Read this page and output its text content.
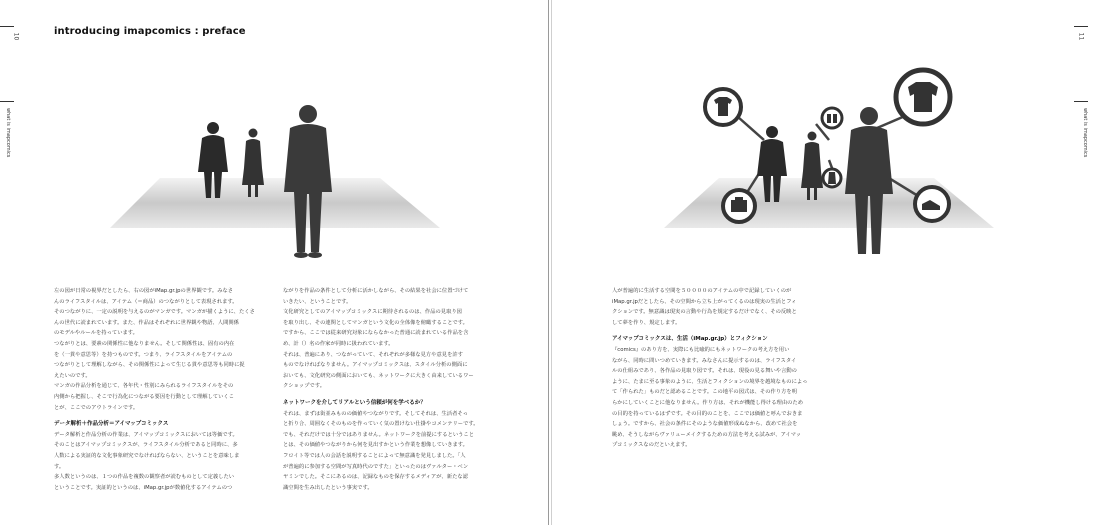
10
what is imapcomics
introducing imapcomics : preface

左の図が日常の視界だとしたら、右の図がiMap.gr.jpの世界観です。みなさ
んのライフスタイルは、アイテム（＝商品）のつながりとして表現されます。
そのつながりに、一定の説明を与えるのがマンガです。マンガが描くように、たくさ
んの世代に読まれています。また、作品はそれぞれに世界観や物語、人間関係
のモデルやルールを持っています。
つながりとは、要素の関係性に他なりません。そして関係性は、固有の内在
を（一貫や意思等）を持つものです。つまり、ライフスタイルをアイテムの
つながりとして理解しながら、その関係性によって生じる貫や意思等も同時に捉
えたいのです。
マンガの作品分析を通じて、各年代・性別にみられるライフスタイルをその
内側から把握し、そこで行為化につながる要因を行動として理解していくこ
とが、ここでのアウトラインです。

データ解析＋作品分析＝アイマップコミックス

データ解析と作品分析の作業は、アイマップコミックスにおいては等価です。
そのことはアイマップコミックスが、ライフスタイル分析であると同時に、多
人数による実証的な文化事象研究でなければならない、ということを意味しま
す。
多人数というのは、１つの作品を複数の観察者が読むものとして定義したい
ということです。実証的というのは、iMap.gr.jpが数値化するアイテムのつ

ながりを作品の条件として分析に活かしながら、その結果を社会に位置づけて
いきたい、ということです。
文化研究としてのアイマップコミックスに期待されるのは、作品の見取り図
を取り出し、その連関としてマンガという文化の全体像を俯瞰することです。
ですから、ここでは従来研究対象にならなかった普通に読まれている作品を含
め、計（）名の作家が同時に扱われています。
それは、普遍にあり、つながっていて、それぞれが多様な見方や意見を許す
ものでなければなりません。アイマップコミックスは、スタイル分析の側面に
おいても、文化研究の側面においても、ネットワークに大きく由来しているワー
クショップです。

ネットワークを介してリアルという信頼が何を学べるか？

それは、まずは街並みものの価値やつながりです。そしてそれは、生活者そっ
と折り合、周囲なくそのものを作っていく気の置けない仕掛やコメンテリーです。
でも、それだけでは十分ではありません。ネットワークを前提にするということ
とは、その価値やつながりから何を見出すかという作業を想像していきます。
フロイト等では人の会話を説明することによって無意識を発見しました。「人
が普遍的に参加する空間が写真時代のですた」といったのはヴァルター・ベン
ヤミンでした。そこにあるのは、記録なものを保存するメディアが、新たな認
識空間を生み出したという事実です。

11
what is imapcomics

人が普遍的に生活する空間を５００００のアイテムの中で記録していくのが
iMap.gr.jpだとしたら、その空間から立ち上がってくるのは現実の生活とフィ
クションです。無意識は現実の言動や行為を規定するだけでなく、その反映と
して夢を作り、規定します。

アイマップコミックスは、生活（iMap.gr.jp）とフィクション

『comics』のあり方を、実際にも比喩的にもネットワークの考え方を用い
ながら、同時に問いつめていきます。みなさんに提示するのは、ライフスタイ
ルの仕組みであり、各作品の見取り図です。それは、現役の見る舞いや言動の
ように、たまに至る事象のように、生活とフィクションの境界を越境なものによっ
て「作られた」ものだと認めることです。この地平の図式は、その作り方を明
らかにしていくことに他なりません。作り方は、それが機能し得ける理由のため
の目的を持っているはずです。その目的のことを、ここでは価値と呼んでおきま
しょう。ですから、社会の条件にそのような価値形成ぬなから、改めて社会を
眺め、そうしながらヴァリューメイクするための方法を考える試みが、アイマッ
プコミックスなのだといえます。
